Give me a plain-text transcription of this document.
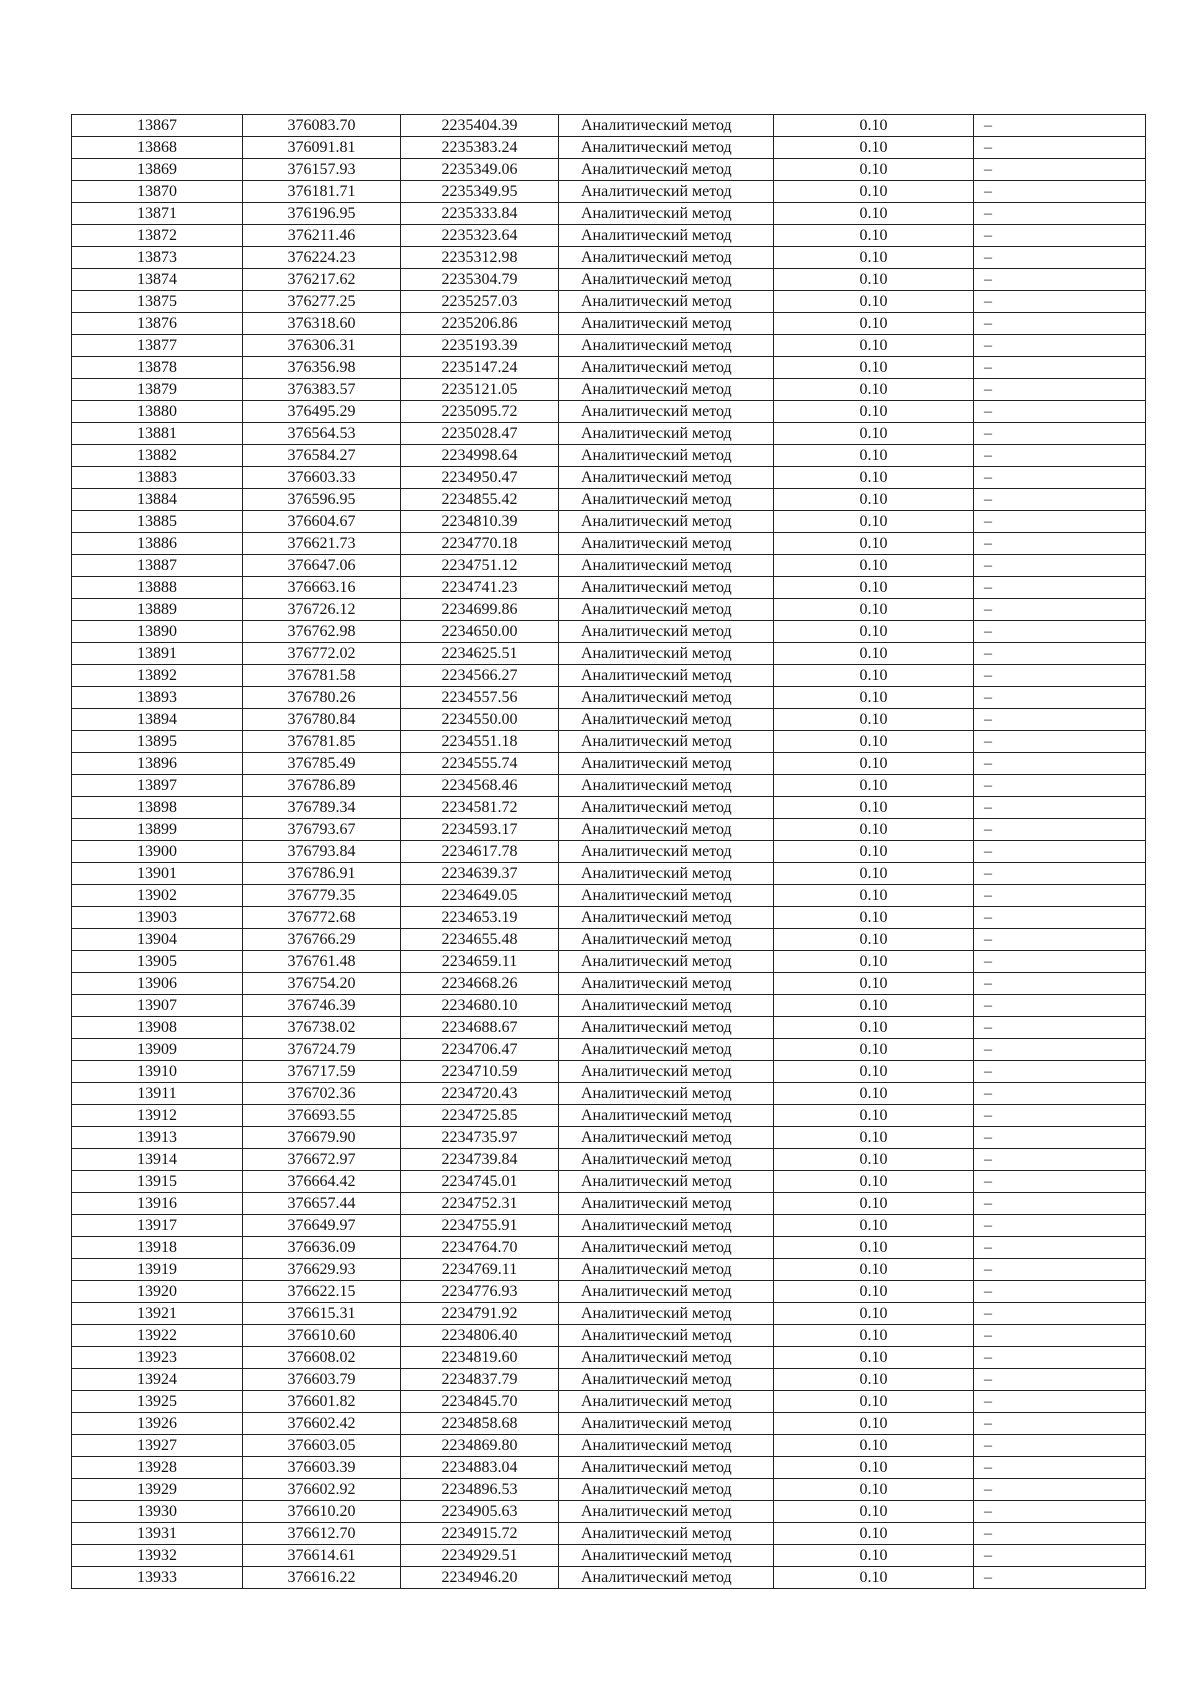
13867	376083.70	2235404.39	Аналитический метод	0.10	–
13868	376091.81	2235383.24	Аналитический метод	0.10	–
13869	376157.93	2235349.06	Аналитический метод	0.10	–
13870	376181.71	2235349.95	Аналитический метод	0.10	–
13871	376196.95	2235333.84	Аналитический метод	0.10	–
13872	376211.46	2235323.64	Аналитический метод	0.10	–
13873	376224.23	2235312.98	Аналитический метод	0.10	–
13874	376217.62	2235304.79	Аналитический метод	0.10	–
13875	376277.25	2235257.03	Аналитический метод	0.10	–
13876	376318.60	2235206.86	Аналитический метод	0.10	–
13877	376306.31	2235193.39	Аналитический метод	0.10	–
13878	376356.98	2235147.24	Аналитический метод	0.10	–
13879	376383.57	2235121.05	Аналитический метод	0.10	–
13880	376495.29	2235095.72	Аналитический метод	0.10	–
13881	376564.53	2235028.47	Аналитический метод	0.10	–
13882	376584.27	2234998.64	Аналитический метод	0.10	–
13883	376603.33	2234950.47	Аналитический метод	0.10	–
13884	376596.95	2234855.42	Аналитический метод	0.10	–
13885	376604.67	2234810.39	Аналитический метод	0.10	–
13886	376621.73	2234770.18	Аналитический метод	0.10	–
13887	376647.06	2234751.12	Аналитический метод	0.10	–
13888	376663.16	2234741.23	Аналитический метод	0.10	–
13889	376726.12	2234699.86	Аналитический метод	0.10	–
13890	376762.98	2234650.00	Аналитический метод	0.10	–
13891	376772.02	2234625.51	Аналитический метод	0.10	–
13892	376781.58	2234566.27	Аналитический метод	0.10	–
13893	376780.26	2234557.56	Аналитический метод	0.10	–
13894	376780.84	2234550.00	Аналитический метод	0.10	–
13895	376781.85	2234551.18	Аналитический метод	0.10	–
13896	376785.49	2234555.74	Аналитический метод	0.10	–
13897	376786.89	2234568.46	Аналитический метод	0.10	–
13898	376789.34	2234581.72	Аналитический метод	0.10	–
13899	376793.67	2234593.17	Аналитический метод	0.10	–
13900	376793.84	2234617.78	Аналитический метод	0.10	–
13901	376786.91	2234639.37	Аналитический метод	0.10	–
13902	376779.35	2234649.05	Аналитический метод	0.10	–
13903	376772.68	2234653.19	Аналитический метод	0.10	–
13904	376766.29	2234655.48	Аналитический метод	0.10	–
13905	376761.48	2234659.11	Аналитический метод	0.10	–
13906	376754.20	2234668.26	Аналитический метод	0.10	–
13907	376746.39	2234680.10	Аналитический метод	0.10	–
13908	376738.02	2234688.67	Аналитический метод	0.10	–
13909	376724.79	2234706.47	Аналитический метод	0.10	–
13910	376717.59	2234710.59	Аналитический метод	0.10	–
13911	376702.36	2234720.43	Аналитический метод	0.10	–
13912	376693.55	2234725.85	Аналитический метод	0.10	–
13913	376679.90	2234735.97	Аналитический метод	0.10	–
13914	376672.97	2234739.84	Аналитический метод	0.10	–
13915	376664.42	2234745.01	Аналитический метод	0.10	–
13916	376657.44	2234752.31	Аналитический метод	0.10	–
13917	376649.97	2234755.91	Аналитический метод	0.10	–
13918	376636.09	2234764.70	Аналитический метод	0.10	–
13919	376629.93	2234769.11	Аналитический метод	0.10	–
13920	376622.15	2234776.93	Аналитический метод	0.10	–
13921	376615.31	2234791.92	Аналитический метод	0.10	–
13922	376610.60	2234806.40	Аналитический метод	0.10	–
13923	376608.02	2234819.60	Аналитический метод	0.10	–
13924	376603.79	2234837.79	Аналитический метод	0.10	–
13925	376601.82	2234845.70	Аналитический метод	0.10	–
13926	376602.42	2234858.68	Аналитический метод	0.10	–
13927	376603.05	2234869.80	Аналитический метод	0.10	–
13928	376603.39	2234883.04	Аналитический метод	0.10	–
13929	376602.92	2234896.53	Аналитический метод	0.10	–
13930	376610.20	2234905.63	Аналитический метод	0.10	–
13931	376612.70	2234915.72	Аналитический метод	0.10	–
13932	376614.61	2234929.51	Аналитический метод	0.10	–
13933	376616.22	2234946.20	Аналитический метод	0.10	–
